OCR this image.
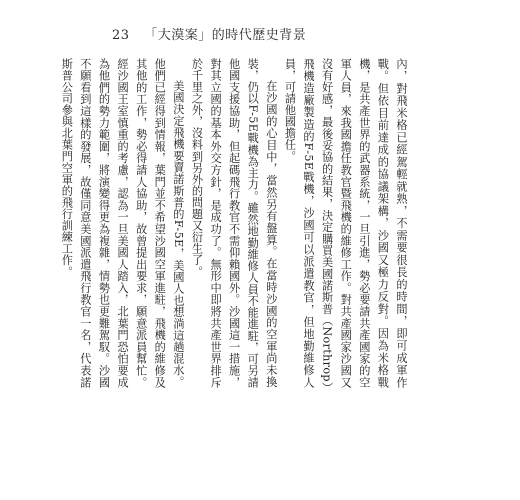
23 「大漠案」的時代歷史背景

內，對飛米格已經駕輕就熟，不需要很長的時間，即可成軍作戰。但依目前達成的協議架構，沙國又極力反對。因為米格戰機，是共產世界的武器系統，一旦引進，勢必要請共產國家的空軍人員，來我國擔任教官暨飛機的維修工作。對共產國家沙國又沒有好感，最後妥協的結果，決定購買美國諾斯普（Northrop）飛機造廠製造的F-5E戰機，沙國可以派遣教官，但地勤維修人員，可請他國擔任。

在沙國的心目中，當然另有盤算。在當時沙國的空軍尚未換裝，仍以F-5E戰機為主力。雖然地勤維修人員不能進駐，可另請他國支援協助，但起碼飛行教官不需仰賴國外。沙國這一措施，對其立國的基本外交方針，是成功了。無形中即將共產世界排斥於千里之外，沒料到另外的問題又衍生了。

美國決定飛機要賣諾斯普的F-5E，美國人也想淌這趟混水。他們已經得到情報，葉門並不希望沙國空軍進駐，飛機的維修及其他的工作，勢必得請人協助，故曾提出要求，願意派員幫忙。經沙國王室慎重的考慮，認為一旦美國人踏入，北葉門恐怕要成為他們的勢力範圍，將演變得更為複雜，情勢也更難駕馭。沙國不願看到這樣的發展，故僅同意美國派遣飛行教官一名，代表諾斯普公司參與北葉門空軍的飛行訓練工作。
